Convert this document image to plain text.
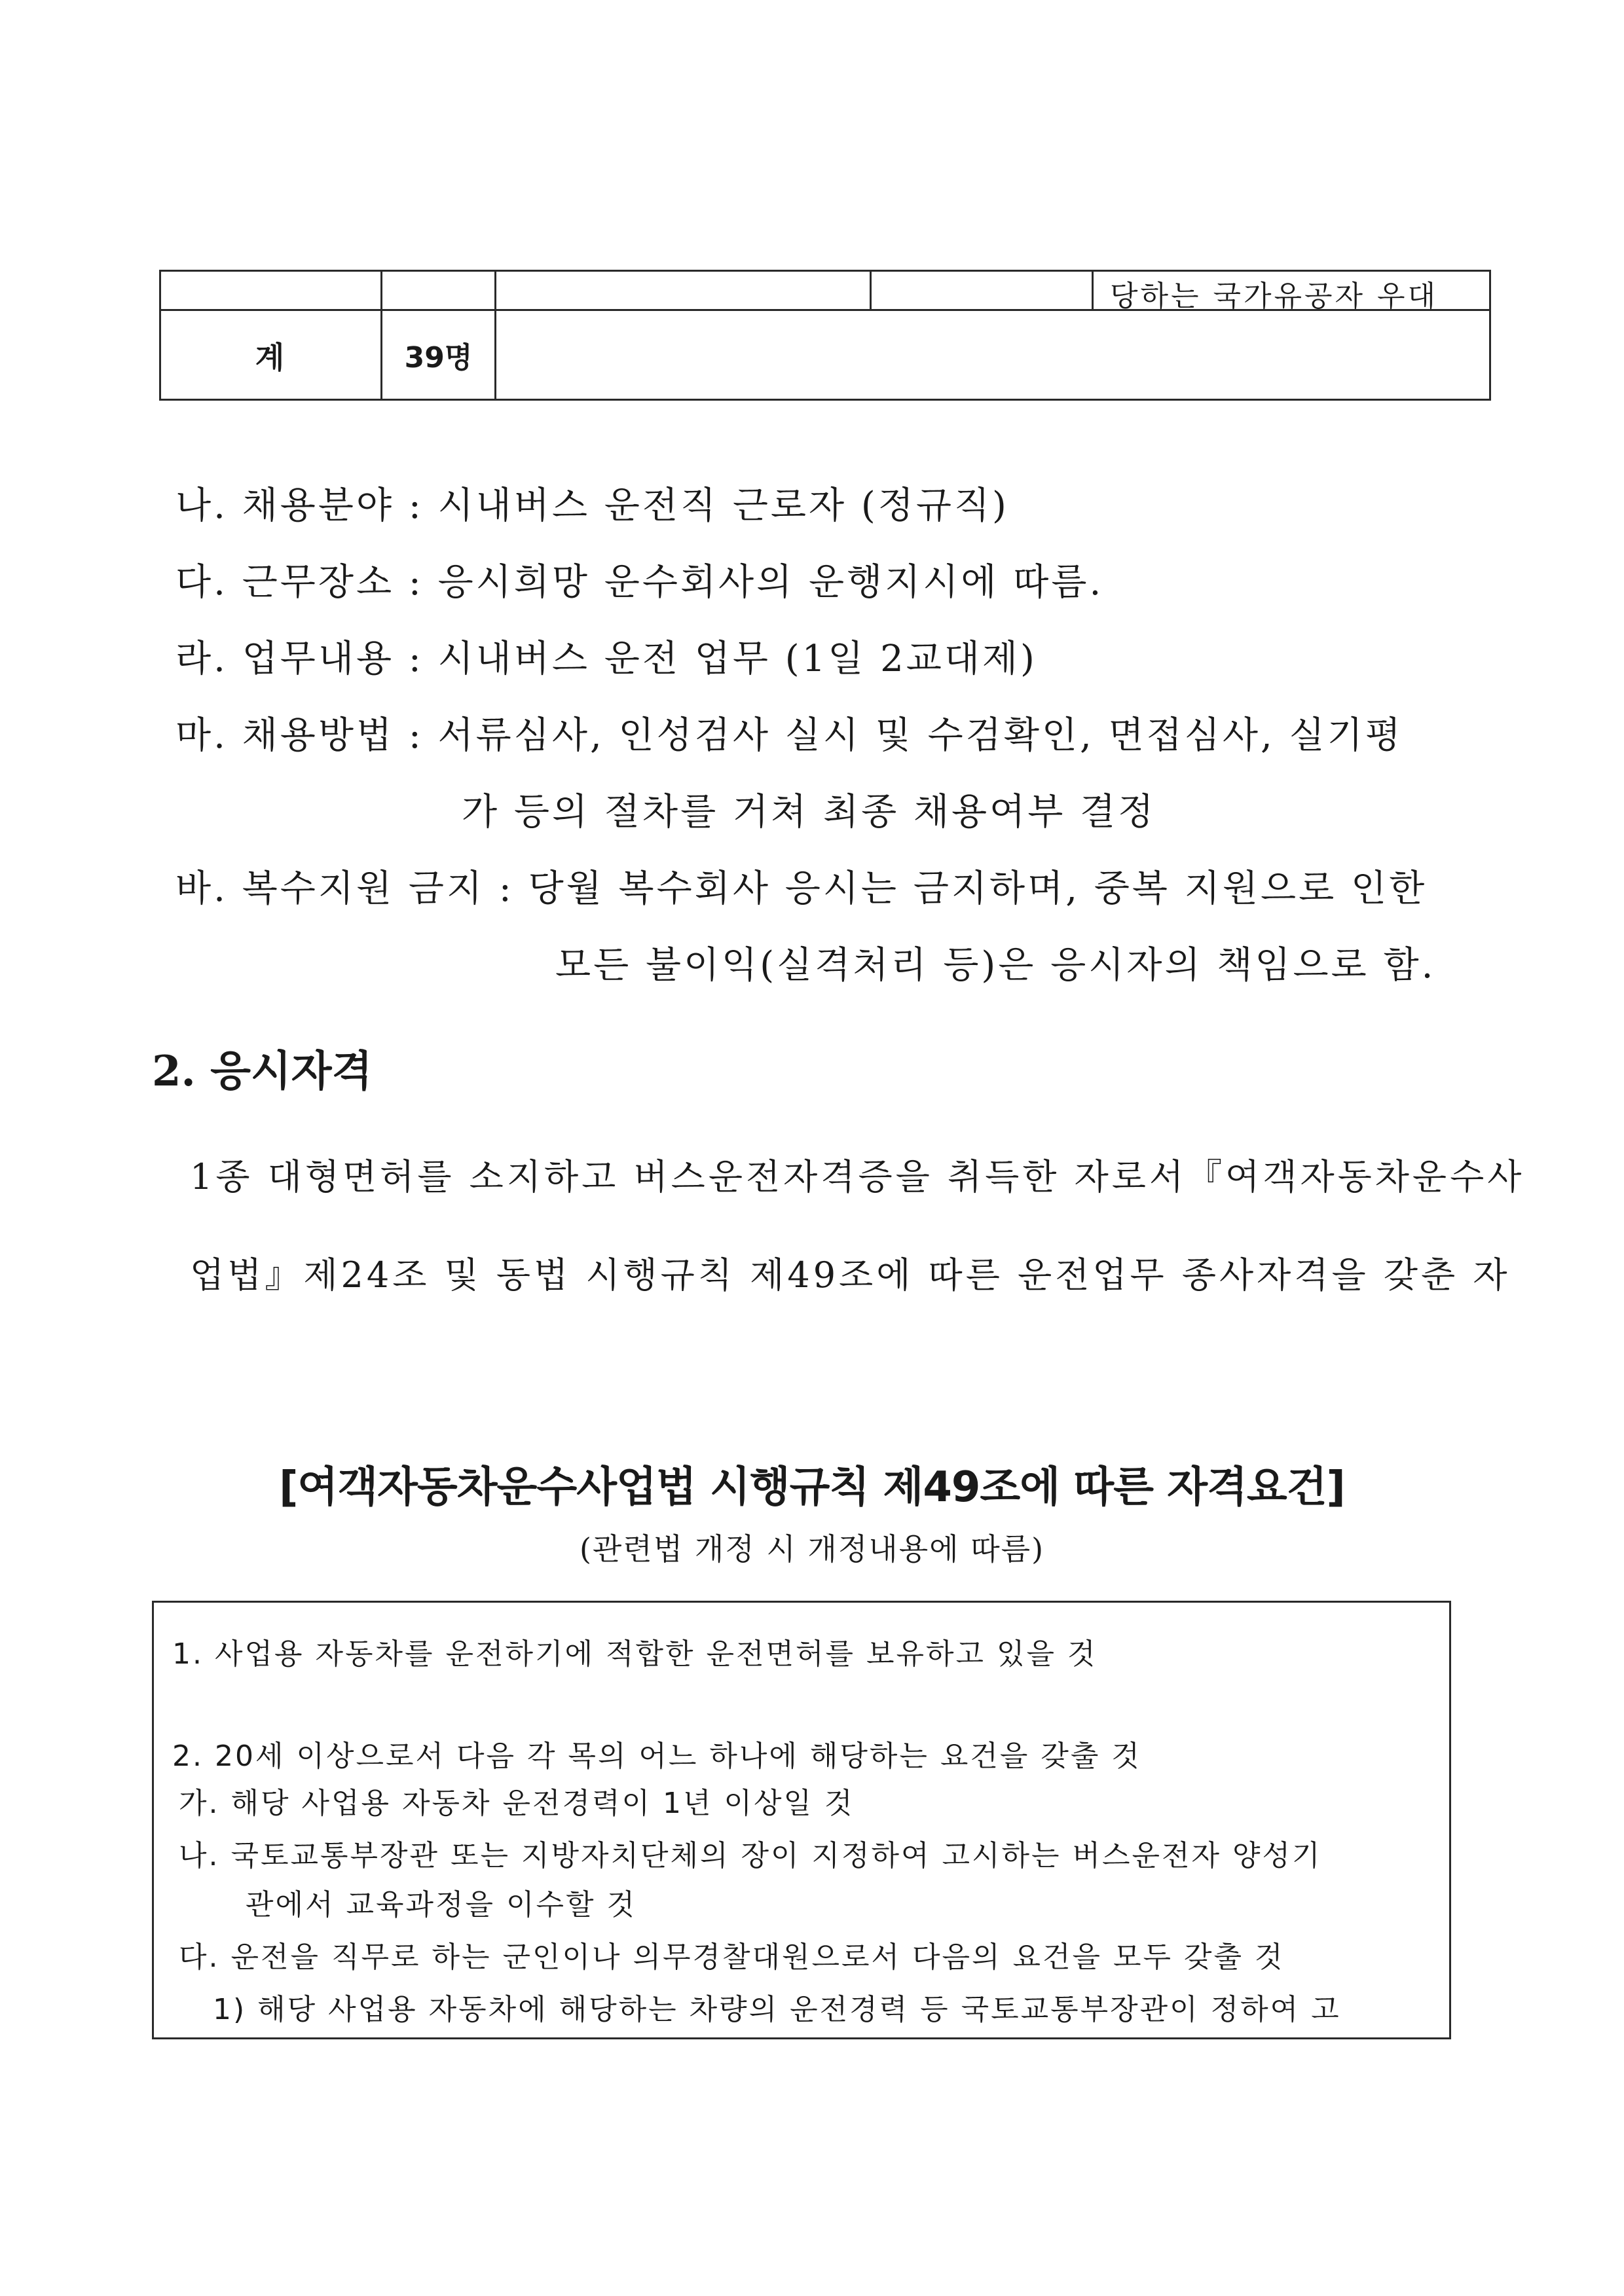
당하는 국가유공자 우대
계	39명
나. 채용분야 : 시내버스 운전직 근로자 (정규직)
다. 근무장소 : 응시희망 운수회사의 운행지시에 따름.
라. 업무내용 : 시내버스 운전 업무 (1일 2교대제)
마. 채용방법 : 서류심사, 인성검사 실시 및 수검확인, 면접심사, 실기평
가 등의 절차를 거쳐 최종 채용여부 결정
바. 복수지원 금지 : 당월 복수회사 응시는 금지하며, 중복 지원으로 인한
모든 불이익(실격처리 등)은 응시자의 책임으로 함.
2. 응시자격
1종 대형면허를 소지하고 버스운전자격증을 취득한 자로서『여객자동차운수사
업법』제24조 및 동법 시행규칙 제49조에 따른 운전업무 종사자격을 갖춘 자
[여객자동차운수사업법 시행규칙 제49조에 따른 자격요건]
(관련법 개정 시 개정내용에 따름)
1. 사업용 자동차를 운전하기에 적합한 운전면허를 보유하고 있을 것
2. 20세 이상으로서 다음 각 목의 어느 하나에 해당하는 요건을 갖출 것
가. 해당 사업용 자동차 운전경력이 1년 이상일 것
나. 국토교통부장관 또는 지방자치단체의 장이 지정하여 고시하는 버스운전자 양성기
관에서 교육과정을 이수할 것
다. 운전을 직무로 하는 군인이나 의무경찰대원으로서 다음의 요건을 모두 갖출 것
1) 해당 사업용 자동차에 해당하는 차량의 운전경력 등 국토교통부장관이 정하여 고
